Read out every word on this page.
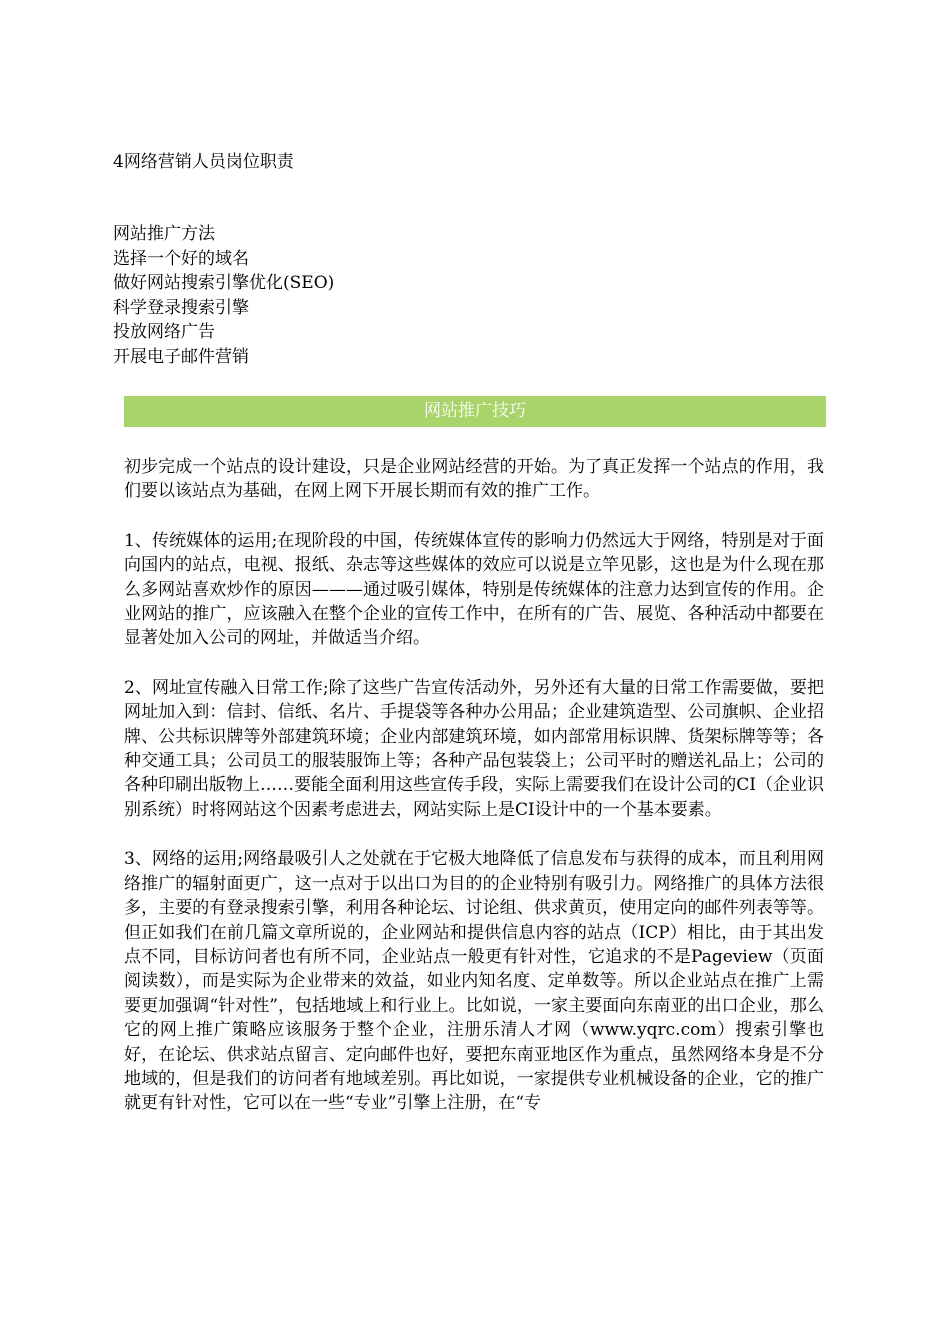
4网络营销人员岗位职责
网站推广方法
选择一个好的域名
做好网站搜索引擎优化(SEO)
科学登录搜索引擎
投放网络广告
开展电子邮件营销
网站推广技巧

初步完成一个站点的设计建设，只是企业网站经营的开始。为了真正发挥一个站点的作用，我们要以该站点为基础，在网上网下开展长期而有效的推广工作。

1、传统媒体的运用;在现阶段的中国，传统媒体宣传的影响力仍然远大于网络，特别是对于面向国内的站点，电视、报纸、杂志等这些媒体的效应可以说是立竿见影，这也是为什么现在那么多网站喜欢炒作的原因———通过吸引媒体，特别是传统媒体的注意力达到宣传的作用。企业网站的推广，应该融入在整个企业的宣传工作中，在所有的广告、展览、各种活动中都要在显著处加入公司的网址，并做适当介绍。

2、网址宣传融入日常工作;除了这些广告宣传活动外，另外还有大量的日常工作需要做，要把网址加入到：信封、信纸、名片、手提袋等各种办公用品；企业建筑造型、公司旗帜、企业招牌、公共标识牌等外部建筑环境；企业内部建筑环境，如内部常用标识牌、货架标牌等等；各种交通工具；公司员工的服装服饰上等；各种产品包装袋上；公司平时的赠送礼品上；公司的各种印刷出版物上……要能全面利用这些宣传手段，实际上需要我们在设计公司的CI（企业识别系统）时将网站这个因素考虑进去，网站实际上是CI设计中的一个基本要素。

3、网络的运用;网络最吸引人之处就在于它极大地降低了信息发布与获得的成本，而且利用网络推广的辐射面更广，这一点对于以出口为目的的企业特别有吸引力。网络推广的具体方法很多，主要的有登录搜索引擎，利用各种论坛、讨论组、供求黄页，使用定向的邮件列表等等。但正如我们在前几篇文章所说的，企业网站和提供信息内容的站点（ICP）相比，由于其出发点不同，目标访问者也有所不同，企业站点一般更有针对性，它追求的不是Pageview（页面阅读数），而是实际为企业带来的效益，如业内知名度、定单数等。所以企业站点在推广上需要更加强调“针对性”，包括地域上和行业上。比如说，一家主要面向东南亚的出口企业，那么它的网上推广策略应该服务于整个企业，注册乐清人才网（www.yqrc.com）搜索引擎也好，在论坛、供求站点留言、定向邮件也好，要把东南亚地区作为重点，虽然网络本身是不分地域的，但是我们的访问者有地域差别。再比如说，一家提供专业机械设备的企业，它的推广就更有针对性，它可以在一些“专业”引擎上注册，在“专
